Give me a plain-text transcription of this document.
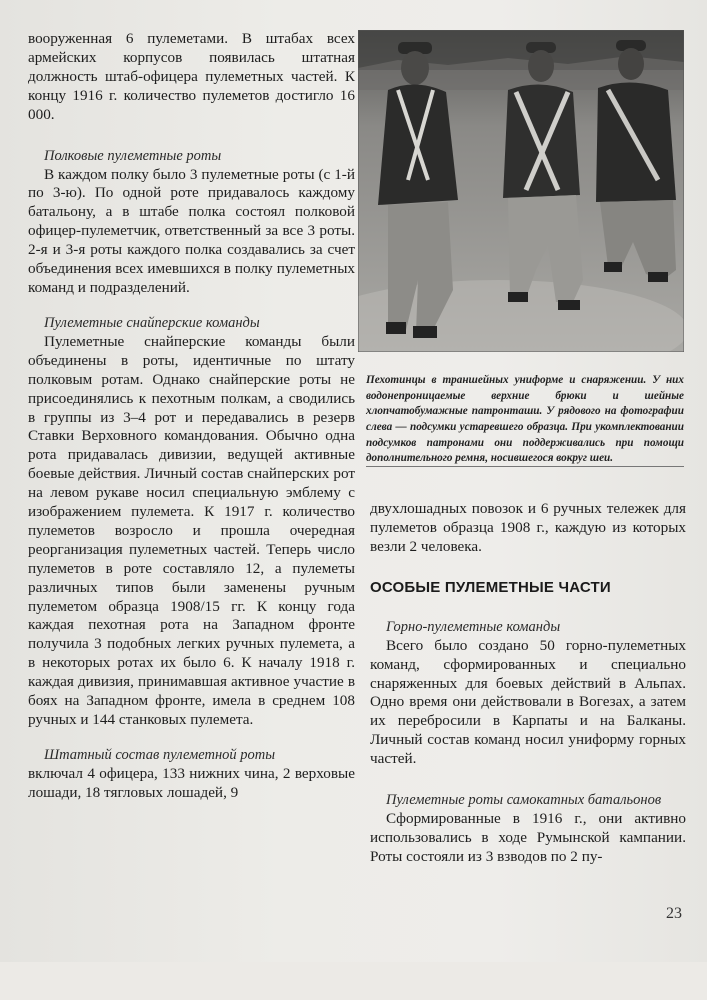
вооруженная 6 пулеметами. В штабах всех армейских корпусов появилась штатная должность штаб-офицера пулеметных частей. К концу 1916 г. количество пулеметов достигло 16 000.

Полковые пулеметные роты

В каждом полку было 3 пулеметные роты (с 1-й по 3-ю). По одной роте придавалось каждому батальону, а в штабе полка состоял полковой офицер-пулеметчик, ответственный за все 3 роты. 2-я и 3-я роты каждого полка создавались за счет объединения всех имевшихся в полку пулеметных команд и подразделений.

Пулеметные снайперские команды

Пулеметные снайперские команды были объединены в роты, идентичные по штату полковым ротам. Однако снайперские роты не присоединялись к пехотным полкам, а сводились в группы из 3–4 рот и передавались в резерв Ставки Верховного командования. Обычно одна рота придавалась дивизии, ведущей активные боевые действия. Личный состав снайперских рот на левом рукаве носил специальную эмблему с изображением пулемета. К 1917 г. количество пулеметов возросло и прошла очередная реорганизация пулеметных частей. Теперь число пулеметов в роте составляло 12, а пулеметы различных типов были заменены ручным пулеметом образца 1908/15 гг. К концу года каждая пехотная рота на Западном фронте получила 3 подобных легких ручных пулемета, а в некоторых ротах их было 6. К началу 1918 г. каждая дивизия, принимавшая активное участие в боях на Западном фронте, имела в среднем 108 ручных и 144 станковых пулемета.

Штатный состав пулеметной роты

включал 4 офицера, 133 нижних чина, 2 верховые лошади, 18 тягловых лошадей, 9

Пехотинцы в траншейных униформе и снаряжении. У них водонепроницаемые верхние брюки и шейные хлопчатобумажные патронташи. У рядового на фотографии слева — подсумки устаревшего образца. При укомплектовании подсумков патронами они поддерживались при помощи дополнительного ремня, носившегося вокруг шеи.

двухлошадных повозок и 6 ручных тележек для пулеметов образца 1908 г., каждую из которых везли 2 человека.

ОСОБЫЕ ПУЛЕМЕТНЫЕ ЧАСТИ

Горно-пулеметные команды

Всего было создано 50 горно-пулеметных команд, сформированных и специально снаряженных для боевых действий в Альпах. Одно время они действовали в Вогезах, а затем их перебросили в Карпаты и на Балканы. Личный состав команд носил униформу горных частей.

Пулеметные роты самокатных батальонов

Сформированные в 1916 г., они активно использовались в ходе Румынской кампании. Роты состояли из 3 взводов по 2 пу-

23
